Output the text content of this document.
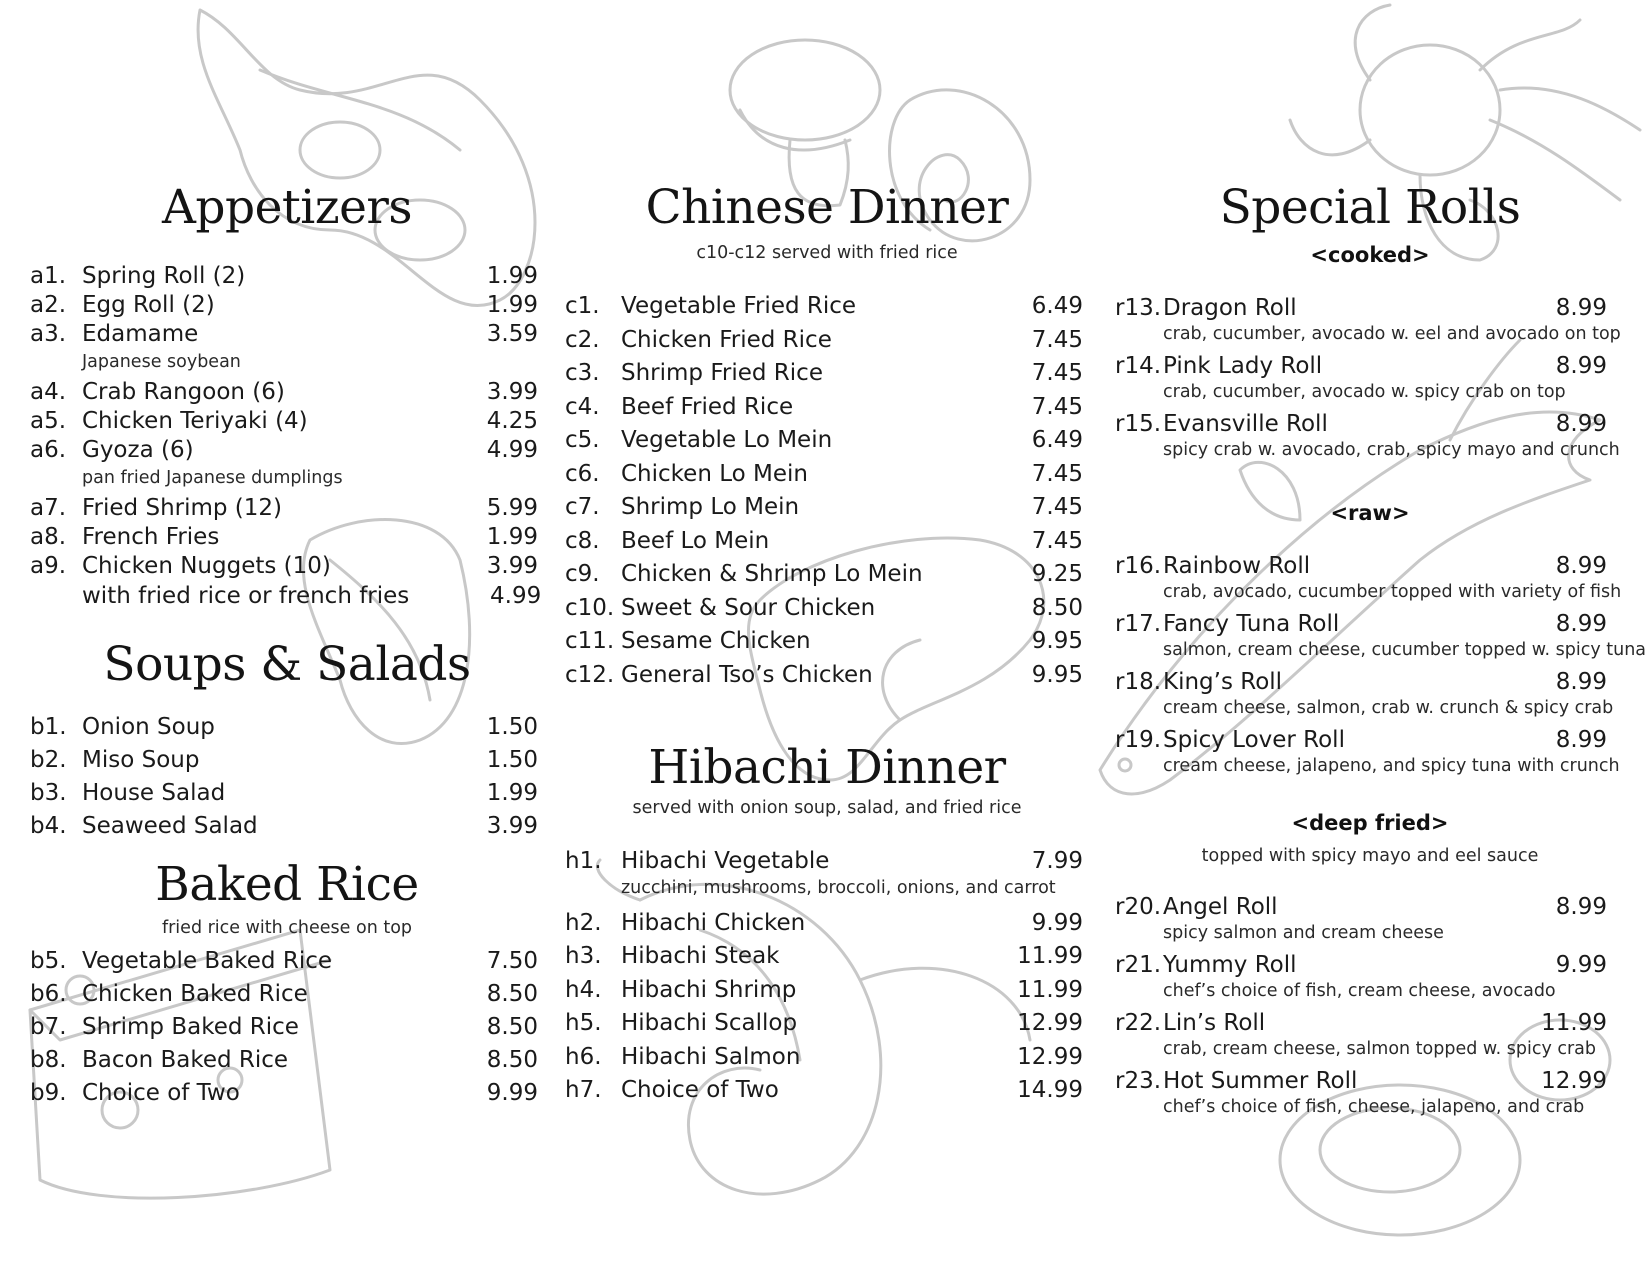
Appetizers
a1. Spring Roll (2)	1.99
a2. Egg Roll (2)	1.99
a3. Edamame	3.59
Japanese soybean
a4. Crab Rangoon (6)	3.99
a5. Chicken Teriyaki (4)	4.25
a6. Gyoza (6)	4.99
pan fried Japanese dumplings
a7. Fried Shrimp (12)	5.99
a8. French Fries	1.99
a9. Chicken Nuggets (10)	3.99
with fried rice or french fries	4.99
Soups & Salads
b1. Onion Soup	1.50
b2. Miso Soup	1.50
b3. House Salad	1.99
b4. Seaweed Salad	3.99
Baked Rice
fried rice with cheese on top
b5. Vegetable Baked Rice	7.50
b6. Chicken Baked Rice	8.50
b7. Shrimp Baked Rice	8.50
b8. Bacon Baked Rice	8.50
b9. Choice of Two	9.99
Chinese Dinner
c10-c12 served with fried rice
c1. Vegetable Fried Rice	6.49
c2. Chicken Fried Rice	7.45
c3. Shrimp Fried Rice	7.45
c4. Beef Fried Rice	7.45
c5. Vegetable Lo Mein	6.49
c6. Chicken Lo Mein	7.45
c7. Shrimp Lo Mein	7.45
c8. Beef Lo Mein	7.45
c9. Chicken & Shrimp Lo Mein	9.25
c10. Sweet & Sour Chicken	8.50
c11. Sesame Chicken	9.95
c12. General Tso’s Chicken	9.95
Hibachi Dinner
served with onion soup, salad, and fried rice
h1. Hibachi Vegetable	7.99
zucchini, mushrooms, broccoli, onions, and carrot
h2. Hibachi Chicken	9.99
h3. Hibachi Steak	11.99
h4. Hibachi Shrimp	11.99
h5. Hibachi Scallop	12.99
h6. Hibachi Salmon	12.99
h7. Choice of Two	14.99
Special Rolls
<cooked>
r13. Dragon Roll	8.99
crab, cucumber, avocado w. eel and avocado on top
r14. Pink Lady Roll	8.99
crab, cucumber, avocado w. spicy crab on top
r15. Evansville Roll	8.99
spicy crab w. avocado, crab, spicy mayo and crunch
<raw>
r16. Rainbow Roll	8.99
crab, avocado, cucumber topped with variety of fish
r17. Fancy Tuna Roll	8.99
salmon, cream cheese, cucumber topped w. spicy tuna
r18. King’s Roll	8.99
cream cheese, salmon, crab w. crunch & spicy crab
r19. Spicy Lover Roll	8.99
cream cheese, jalapeno, and spicy tuna with crunch
<deep fried>
topped with spicy mayo and eel sauce
r20. Angel Roll	8.99
spicy salmon and cream cheese
r21. Yummy Roll	9.99
chef’s choice of fish, cream cheese, avocado
r22. Lin’s Roll	11.99
crab, cream cheese, salmon topped w. spicy crab
r23. Hot Summer Roll	12.99
chef’s choice of fish, cheese, jalapeno, and crab
